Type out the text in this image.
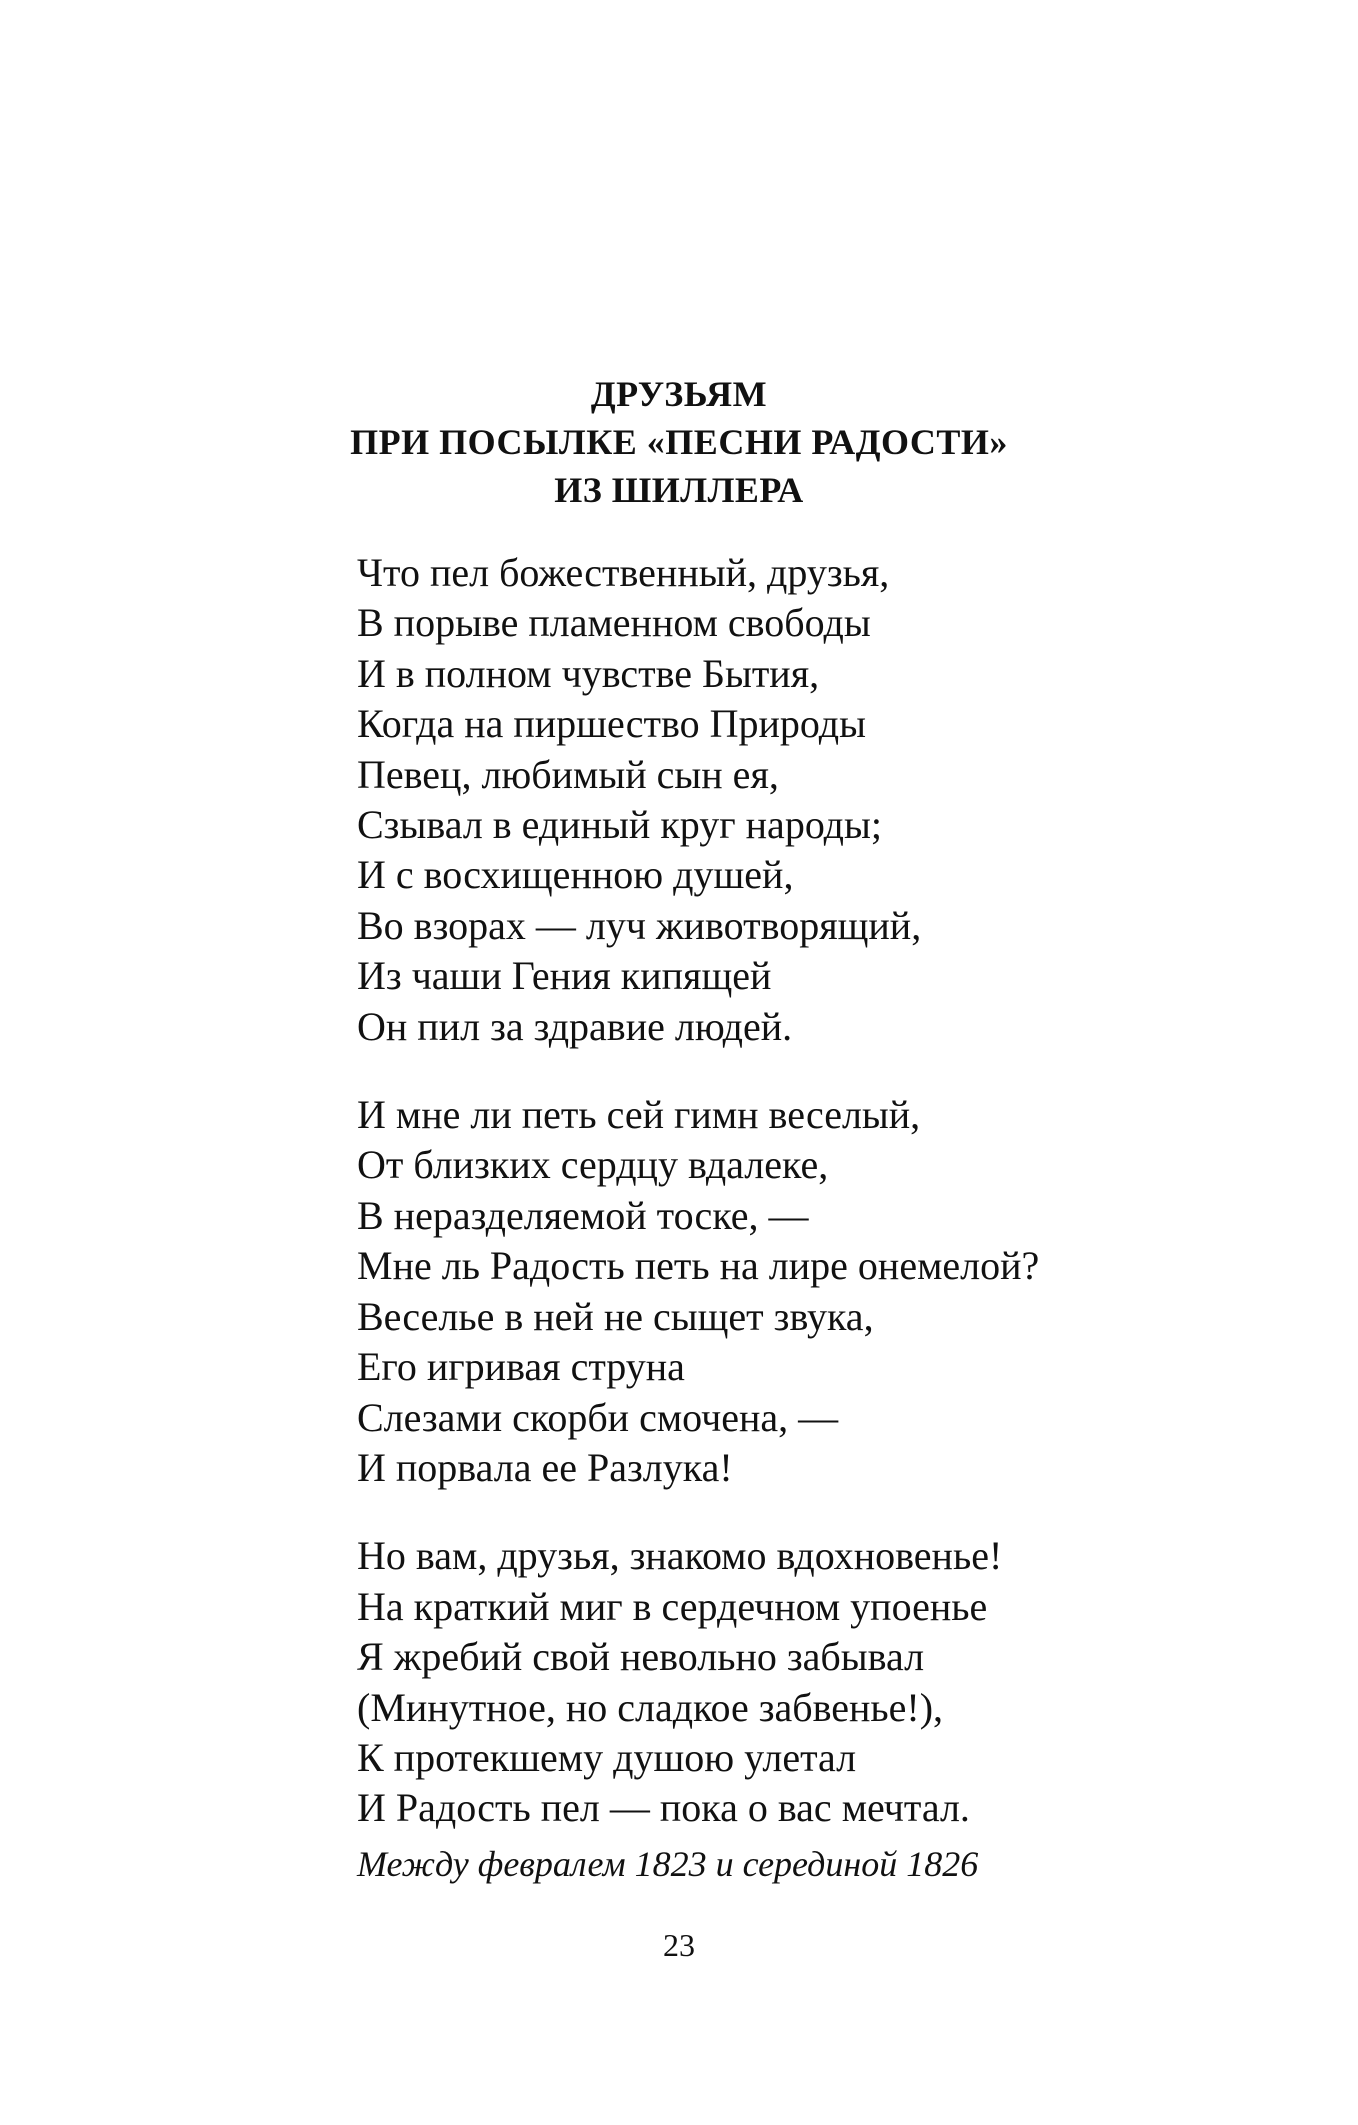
ДРУЗЬЯМ
ПРИ ПОСЫЛКЕ «ПЕСНИ РАДОСТИ»
ИЗ ШИЛЛЕРА
Что пел божественный, друзья,
В порыве пламенном свободы
И в полном чувстве Бытия,
Когда на пиршество Природы
Певец, любимый сын ея,
Сзывал в единый круг народы;
И с восхищенною душей,
Во взорах — луч животворящий,
Из чаши Гения кипящей
Он пил за здравие людей.
И мне ли петь сей гимн веселый,
От близких сердцу вдалеке,
В неразделяемой тоске, —
Мне ль Радость петь на лире онемелой?
Веселье в ней не сыщет звука,
Его игривая струна
Слезами скорби смочена, —
И порвала ее Разлука!
Но вам, друзья, знакомо вдохновенье!
На краткий миг в сердечном упоенье
Я жребий свой невольно забывал
(Минутное, но сладкое забвенье!),
К протекшему душою улетал
И Радость пел — пока о вас мечтал.
Между февралем 1823 и серединой 1826
23
